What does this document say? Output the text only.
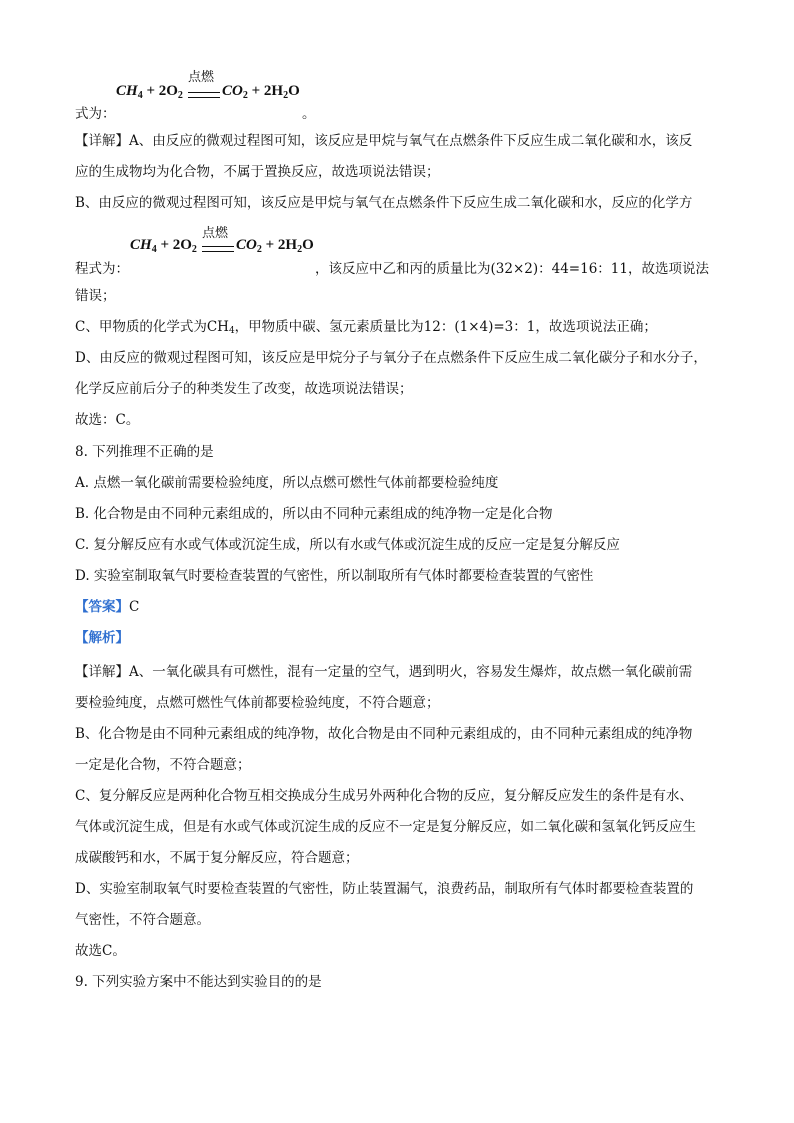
点燃
$CH_4 + 2O_2$	$CO_2 + 2H_2O$
式为：	。
【详解】A、由反应的微观过程图可知，该反应是甲烷与氧气在点燃条件下反应生成二氧化碳和水，该反
应的生成物均为化合物，不属于置换反应，故选项说法错误；
B、由反应的微观过程图可知，该反应是甲烷与氧气在点燃条件下反应生成二氧化碳和水，反应的化学方
点燃
$CH_4 + 2O_2$	$CO_2 + 2H_2O$
程式为：	，该反应中乙和丙的质量比为(32×2)：44=16：11，故选项说法
错误；
C、甲物质的化学式为$CH_4$，甲物质中碳、氢元素质量比为12：(1×4)=3：1，故选项说法正确；
D、由反应的微观过程图可知，该反应是甲烷分子与氧分子在点燃条件下反应生成二氧化碳分子和水分子，
化学反应前后分子的种类发生了改变，故选项说法错误；
故选：C。
8. 下列推理不正确的是
A. 点燃一氧化碳前需要检验纯度，所以点燃可燃性气体前都要检验纯度
B. 化合物是由不同种元素组成的，所以由不同种元素组成的纯净物一定是化合物
C. 复分解反应有水或气体或沉淀生成，所以有水或气体或沉淀生成的反应一定是复分解反应
D. 实验室制取氧气时要检查装置的气密性，所以制取所有气体时都要检查装置的气密性
【答案】C
【解析】
【详解】A、一氧化碳具有可燃性，混有一定量的空气，遇到明火，容易发生爆炸，故点燃一氧化碳前需
要检验纯度，点燃可燃性气体前都要检验纯度，不符合题意；
B、化合物是由不同种元素组成的纯净物，故化合物是由不同种元素组成的，由不同种元素组成的纯净物
一定是化合物，不符合题意；
C、复分解反应是两种化合物互相交换成分生成另外两种化合物的反应，复分解反应发生的条件是有水、
气体或沉淀生成，但是有水或气体或沉淀生成的反应不一定是复分解反应，如二氧化碳和氢氧化钙反应生
成碳酸钙和水，不属于复分解反应，符合题意；
D、实验室制取氧气时要检查装置的气密性，防止装置漏气，浪费药品，制取所有气体时都要检查装置的
气密性，不符合题意。
故选C。
9. 下列实验方案中不能达到实验目的的是
